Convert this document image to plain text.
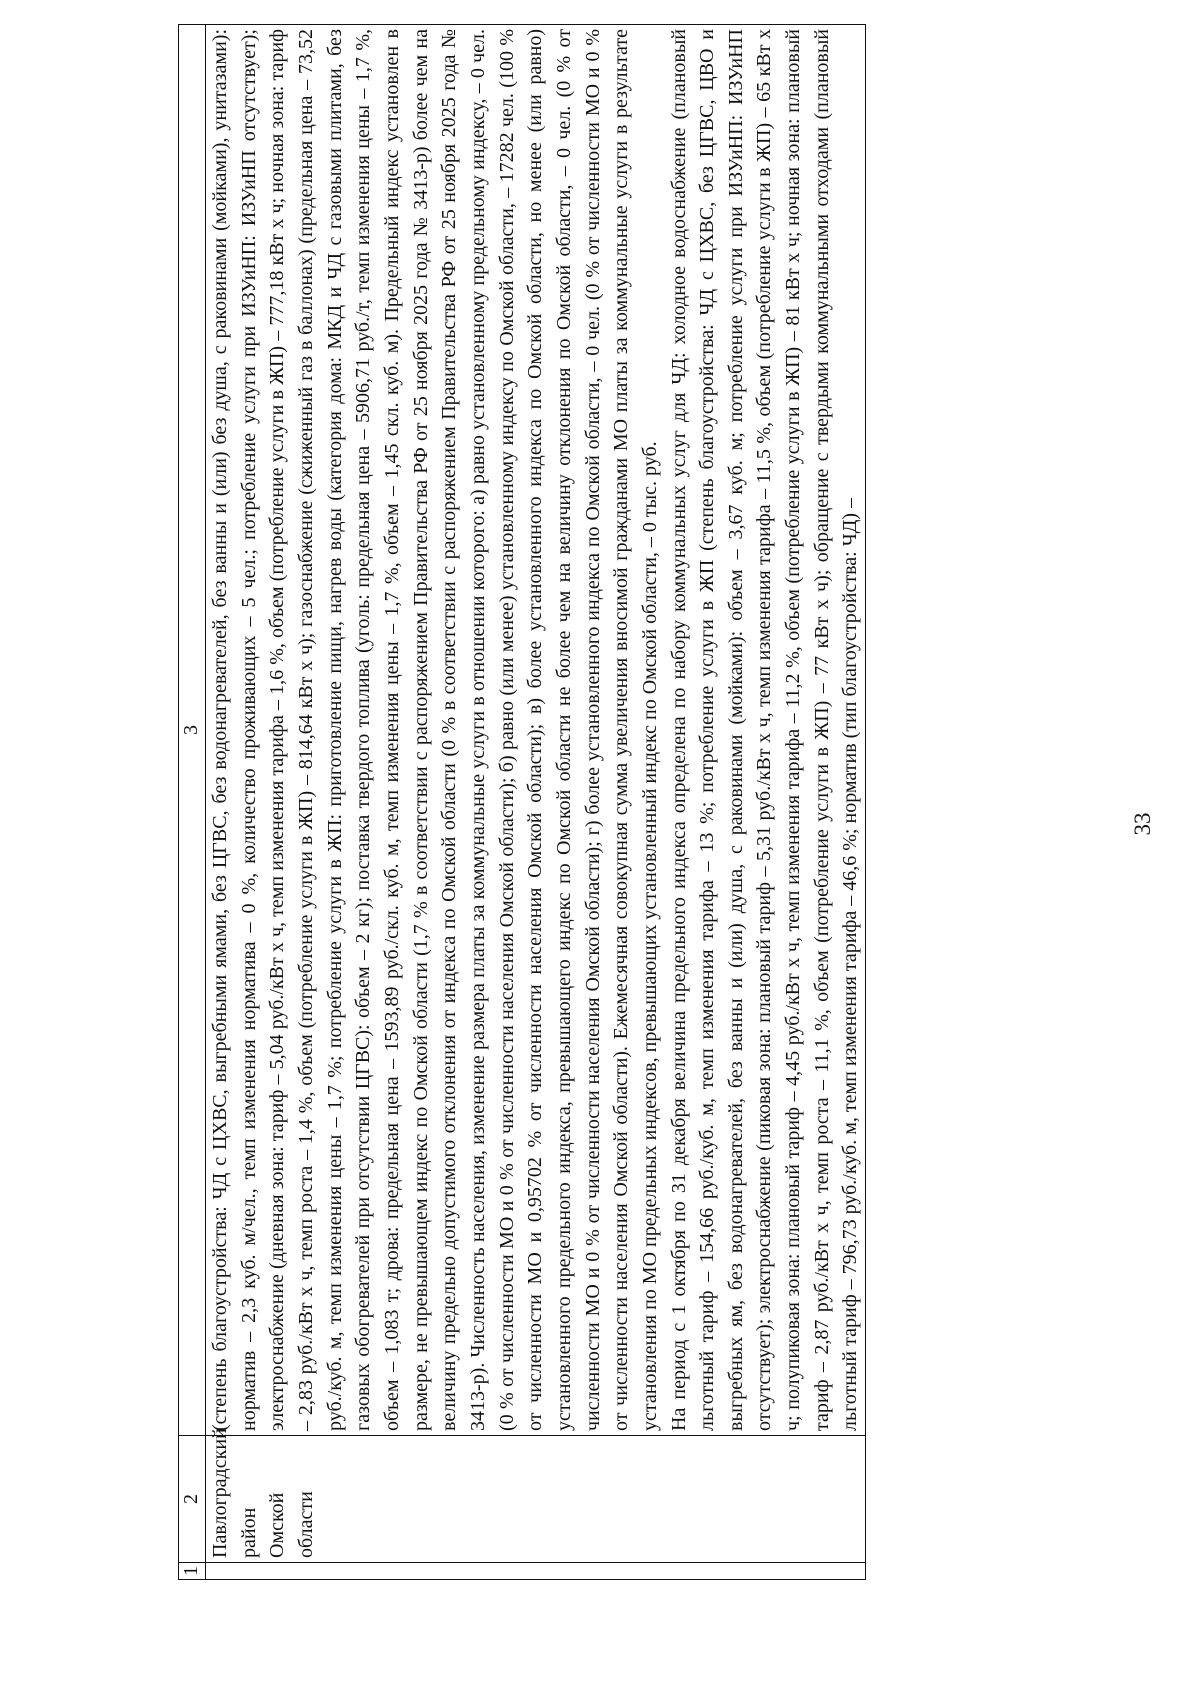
33
1	2	3
	Павлоградский район Омской области	(степень благоустройства: ЧД с ЦХВС, выгребными ямами, без ЦГВС, без водонагревателей, без ванны и (или) без душа, с раковинами (мойками), унитазами): норматив – 2,3 куб. м/чел., темп изменения норматива – 0 %, количество проживающих – 5 чел.; потребление услуги при ИЗУиНП: ИЗУиНП отсутствует); электроснабжение (дневная зона: тариф – 5,04 руб./кВт х ч, темп изменения тарифа – 1,6 %, объем (потребление услуги в ЖП) – 777,18 кВт х ч; ночная зона: тариф – 2,83 руб./кВт х ч, темп роста – 1,4 %, объем (потребление услуги в ЖП) – 814,64 кВт х ч); газоснабжение (сжиженный газ в баллонах) (предельная цена – 73,52 руб./куб. м, темп изменения цены – 1,7 %; потребление услуги в ЖП: приготовление пищи, нагрев воды (категория дома: МКД и ЧД с газовыми плитами, без газовых обогревателей при отсутствии ЦГВС): объем – 2 кг); поставка твердого топлива (уголь: предельная цена – 5906,71 руб./т, темп изменения цены – 1,7 %, объем – 1,083 т; дрова: предельная цена – 1593,89 руб./скл. куб. м, темп изменения цены – 1,7 %, объем – 1,45 скл. куб. м). Предельный индекс установлен в размере, не превышающем индекс по Омской области (1,7 % в соответствии с распоряжением Правительства РФ от 25 ноября 2025 года № 3413-р) более чем на величину предельно допустимого отклонения от индекса по Омской области (0 % в соответствии с распоряжением Правительства РФ от 25 ноября 2025 года № 3413-р). Численность населения, изменение размера платы за коммунальные услуги в отношении которого: а) равно установленному предельному индексу, – 0 чел. (0 % от численности МО и 0 % от численности населения Омской области); б) равно (или менее) установленному индексу по Омской области, – 17282 чел. (100 % от численности МО и 0,95702 % от численности населения Омской области); в) более установленного индекса по Омской области, но менее (или равно) установленного предельного индекса, превышающего индекс по Омской области не более чем на величину отклонения по Омской области, – 0 чел. (0 % от численности МО и 0 % от численности населения Омской области); г) более установленного индекса по Омской области, – 0 чел. (0 % от численности МО и 0 % от численности населения Омской области). Ежемесячная совокупная сумма увеличения вносимой гражданами МО платы за коммунальные услуги в результате установления по МО предельных индексов, превышающих установленный индекс по Омской области, – 0 тыс. руб. На период с 1 октября по 31 декабря величина предельного индекса определена по набору коммунальных услуг для ЧД: холодное водоснабжение (плановый льготный тариф – 154,66 руб./куб. м, темп изменения тарифа – 13 %; потребление услуги в ЖП (степень благоустройства: ЧД с ЦХВС, без ЦГВС, ЦВО и выгребных ям, без водонагревателей, без ванны и (или) душа, с раковинами (мойками): объем – 3,67 куб. м; потребление услуги при ИЗУиНП: ИЗУиНП отсутствует); электроснабжение (пиковая зона: плановый тариф – 5,31 руб./кВт х ч, темп изменения тарифа – 11,5 %, объем (потребление услуги в ЖП) – 65 кВт х ч; полупиковая зона: плановый тариф – 4,45 руб./кВт х ч, темп изменения тарифа – 11,2 %, объем (потребление услуги в ЖП) – 81 кВт х ч; ночная зона: плановый тариф – 2,87 руб./кВт х ч, темп роста – 11,1 %, объем (потребление услуги в ЖП) – 77 кВт х ч); обращение с твердыми коммунальными отходами (плановый льготный тариф – 796,73 руб./куб. м, темп изменения тарифа – 46,6 %; норматив (тип благоустройства: ЧД) –
